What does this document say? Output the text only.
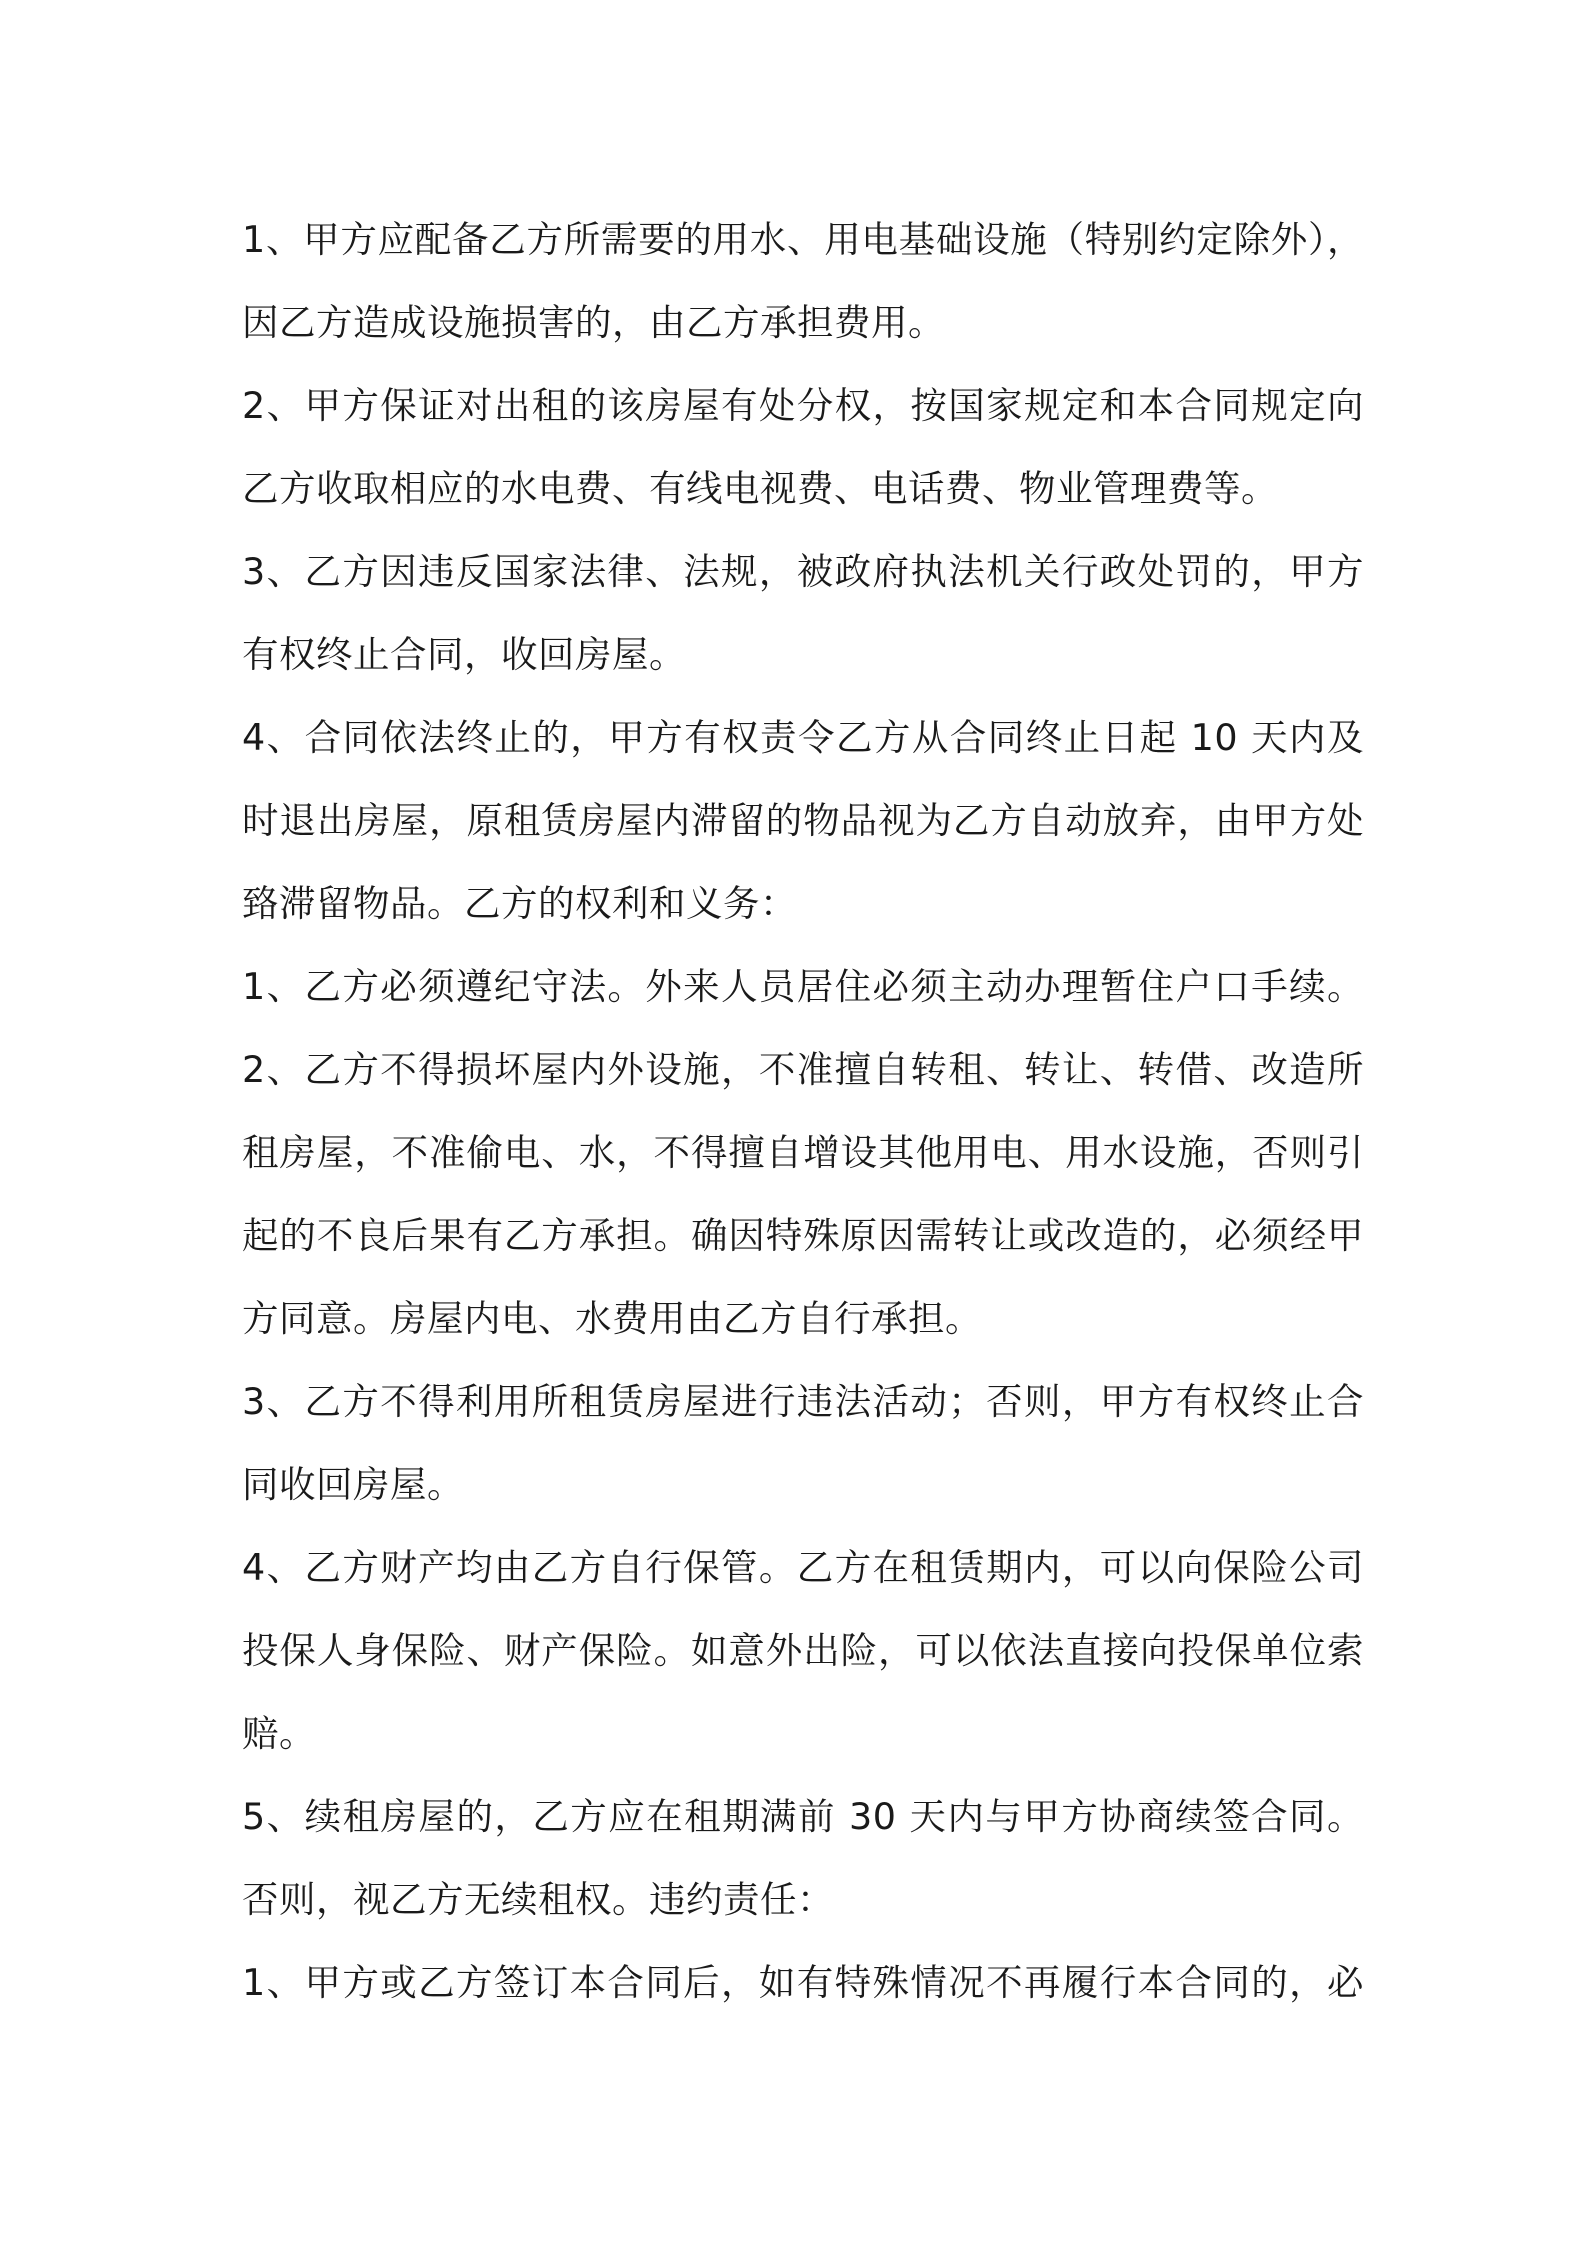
1、甲方应配备乙方所需要的用水、用电基础设施（特别约定除外），
因乙方造成设施损害的，由乙方承担费用。
2、甲方保证对出租的该房屋有处分权，按国家规定和本合同规定向
乙方收取相应的水电费、有线电视费、电话费、物业管理费等。
3、乙方因违反国家法律、法规，被政府执法机关行政处罚的，甲方
有权终止合同，收回房屋。
4、合同依法终止的，甲方有权责令乙方从合同终止日起 10 天内及
时退出房屋，原租赁房屋内滞留的物品视为乙方自动放弃，由甲方处
臵滞留物品。乙方的权利和义务：
1、乙方必须遵纪守法。外来人员居住必须主动办理暂住户口手续。
2、乙方不得损坏屋内外设施，不准擅自转租、转让、转借、改造所
租房屋，不准偷电、水，不得擅自增设其他用电、用水设施，否则引
起的不良后果有乙方承担。确因特殊原因需转让或改造的，必须经甲
方同意。房屋内电、水费用由乙方自行承担。
3、乙方不得利用所租赁房屋进行违法活动；否则，甲方有权终止合
同收回房屋。
4、乙方财产均由乙方自行保管。乙方在租赁期内，可以向保险公司
投保人身保险、财产保险。如意外出险，可以依法直接向投保单位索
赔。
5、续租房屋的，乙方应在租期满前 30 天内与甲方协商续签合同。
否则，视乙方无续租权。违约责任：
1、甲方或乙方签订本合同后，如有特殊情况不再履行本合同的，必
